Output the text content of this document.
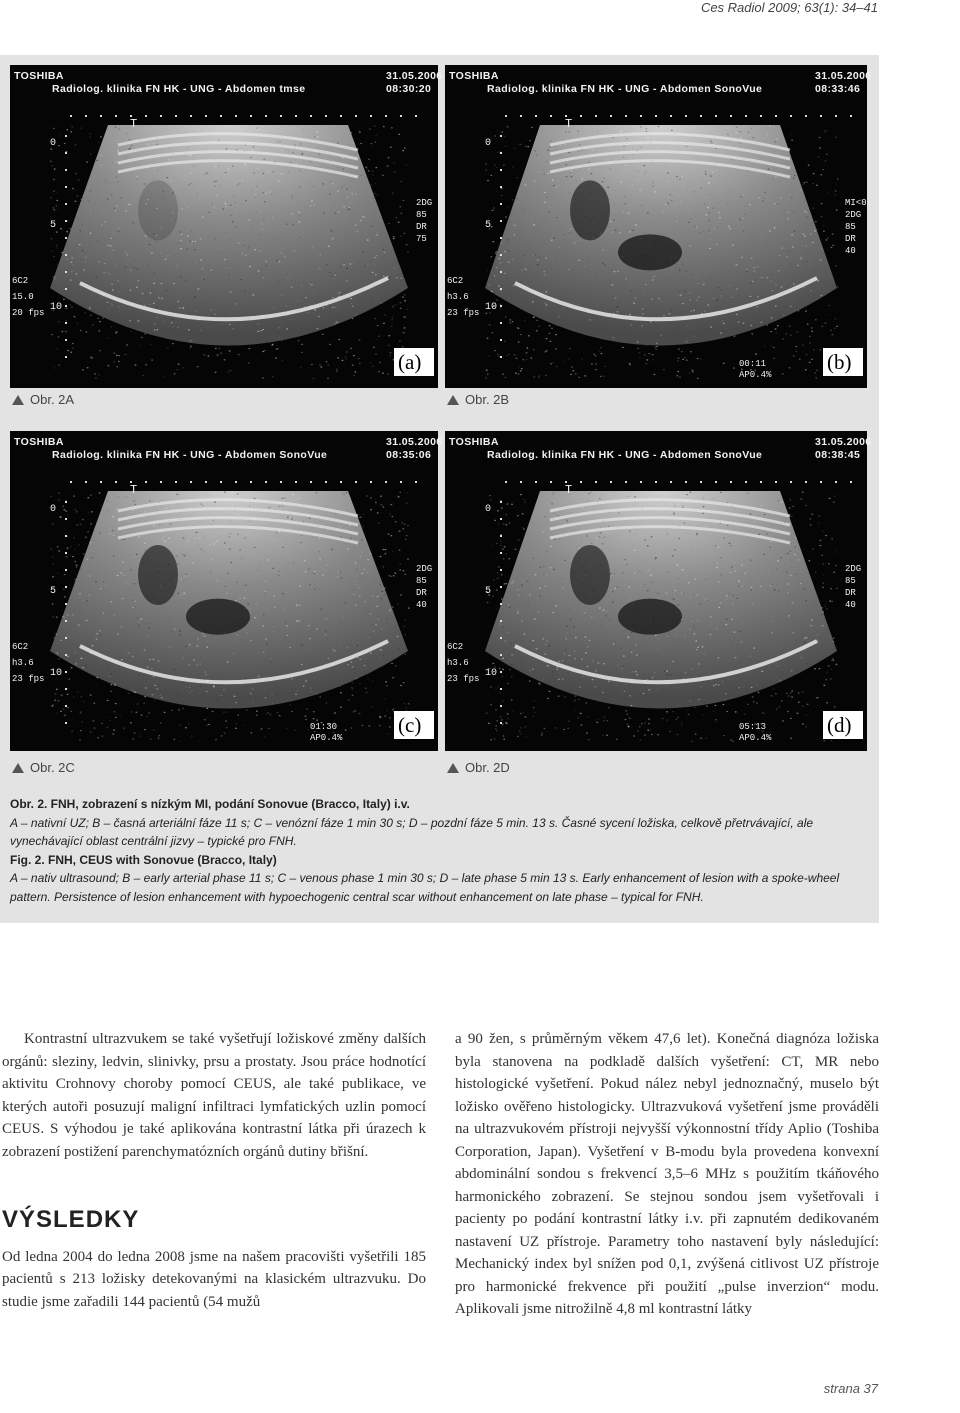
Ces Radiol 2009; 63(1): 34–41
TOSHIBA
Radiolog. klinika FN HK - UNG - Abdomen tmse
31.05.2006
08:30:20
T
0
5
10
6C2
15.0
20 fps
2DG
85
DR
75
(a)
TOSHIBA
Radiolog. klinika FN HK - UNG - Abdomen SonoVue
31.05.2006
08:33:46
T
0
5
10
6C2
h3.6
23 fps
MI<0.
2DG
85
DR
40
00:11
AP0.4%
(b)
TOSHIBA
Radiolog. klinika FN HK - UNG - Abdomen SonoVue
31.05.2006
08:35:06
T
0
5
10
6C2
h3.6
23 fps
2DG
85
DR
40
01:30
AP0.4%
(c)
TOSHIBA
Radiolog. klinika FN HK - UNG - Abdomen SonoVue
31.05.2006
08:38:45
T
0
5
10
6C2
h3.6
23 fps
2DG
85
DR
40
05:13
AP0.4%
(d)
Obr. 2A	Obr. 2B
Obr. 2C	Obr. 2D

Obr. 2. FNH, zobrazení s nízkým MI, podání Sonovue (Bracco, Italy) i.v.

A – nativní UZ; B – časná arteriální fáze 11 s; C – venózní fáze 1 min 30 s; D – pozdní fáze 5 min. 13 s. Časné sycení ložiska, celkově přetrvávající, ale vynechávající oblast centrální jizvy – typické pro FNH.

Fig. 2. FNH, CEUS with Sonovue (Bracco, Italy)

A – nativ ultrasound; B – early arterial phase 11 s; C – venous phase 1 min 30 s; D – late phase 5 min 13 s. Early enhancement of lesion with a spoke-wheel pattern. Persistence of lesion enhancement with hypoechogenic central scar without enhancement on late phase – typical for FNH.

Kontrastní ultrazvukem se také vyšetřují ložiskové změny dalších orgánů: sleziny, ledvin, slinivky, prsu a prostaty. Jsou práce hodnotící aktivitu Crohnovy choroby pomocí CEUS, ale také publikace, ve kterých autoři posuzují maligní infiltraci lymfatických uzlin pomocí CEUS. S výhodou je také aplikována kontrastní látka při úrazech k zobrazení postižení parenchymatózních orgánů dutiny břišní.

VÝSLEDKY

Od ledna 2004 do ledna 2008 jsme na našem pracovišti vyšetřili 185 pacientů s 213 ložisky detekovanými na klasickém ultrazvuku. Do studie jsme zařadili 144 pacientů (54 mužů

a 90 žen, s průměrným věkem 47,6 let). Konečná diagnóza ložiska byla stanovena na podkladě dalších vyšetření: CT, MR nebo histologické vyšetření. Pokud nález nebyl jednoznačný, muselo být ložisko ověřeno histologicky. Ultrazvuková vyšetření jsme prováděli na ultrazvukovém přístroji nejvyšší výkonnostní třídy Aplio (Toshiba Corporation, Japan). Vyšetření v B-modu byla provedena konvexní abdominální sondou s frekvencí 3,5–6 MHz s použitím tkáňového harmonického zobrazení. Se stejnou sondou jsem vyšetřovali i pacienty po podání kontrastní látky i.v. při zapnutém dedikovaném nastavení UZ přístroje. Parametry toho nastavení byly následující: Mechanický index byl snížen pod 0,1, zvýšená citlivost UZ přístroje pro harmonické frekvence při použití „pulse inverzion“ modu. Aplikovali jsme nitrožilně 4,8 ml kontrastní látky

strana 37
